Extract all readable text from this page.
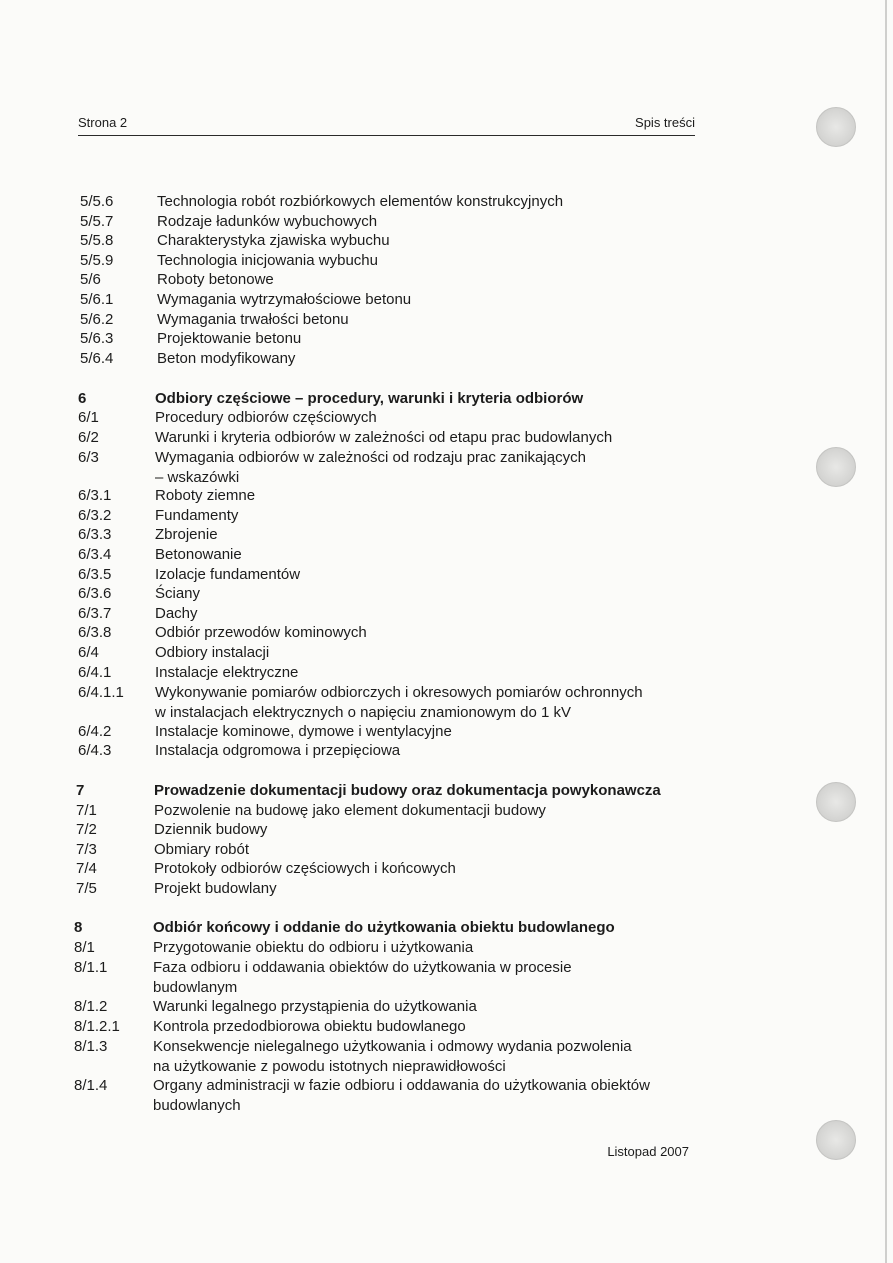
Strona 2	Spis treści
5/5.6	Technologia robót rozbiórkowych elementów konstrukcyjnych
5/5.7	Rodzaje ładunków wybuchowych
5/5.8	Charakterystyka zjawiska wybuchu
5/5.9	Technologia inicjowania wybuchu
5/6	Roboty betonowe
5/6.1	Wymagania wytrzymałościowe betonu
5/6.2	Wymagania trwałości betonu
5/6.3	Projektowanie betonu
5/6.4	Beton modyfikowany
6	Odbiory częściowe – procedury, warunki i kryteria odbiorów
6/1	Procedury odbiorów częściowych
6/2	Warunki i kryteria odbiorów w zależności od etapu prac budowlanych
6/3	Wymagania odbiorów w zależności od rodzaju prac zanikających
– wskazówki
6/3.1	Roboty ziemne
6/3.2	Fundamenty
6/3.3	Zbrojenie
6/3.4	Betonowanie
6/3.5	Izolacje fundamentów
6/3.6	Ściany
6/3.7	Dachy
6/3.8	Odbiór przewodów kominowych
6/4	Odbiory instalacji
6/4.1	Instalacje elektryczne
6/4.1.1 Wykonywanie pomiarów odbiorczych i okresowych pomiarów ochronnych
w instalacjach elektrycznych o napięciu znamionowym do 1 kV
6/4.2	Instalacje kominowe, dymowe i wentylacyjne
6/4.3	Instalacja odgromowa i przepięciowa
7	Prowadzenie dokumentacji budowy oraz dokumentacja powykonawcza
7/1	Pozwolenie na budowę jako element dokumentacji budowy
7/2	Dziennik budowy
7/3	Obmiary robót
7/4	Protokoły odbiorów częściowych i końcowych
7/5	Projekt budowlany
8	Odbiór końcowy i oddanie do użytkowania obiektu budowlanego
8/1	Przygotowanie obiektu do odbioru i użytkowania
8/1.1	Faza odbioru i oddawania obiektów do użytkowania w procesie
budowlanym
8/1.2	Warunki legalnego przystąpienia do użytkowania
8/1.2.1 Kontrola przedodbiorowa obiektu budowlanego
8/1.3	Konsekwencje nielegalnego użytkowania i odmowy wydania pozwolenia
na użytkowanie z powodu istotnych nieprawidłowości
8/1.4	Organy administracji w fazie odbioru i oddawania do użytkowania obiektów
budowlanych
Listopad 2007
